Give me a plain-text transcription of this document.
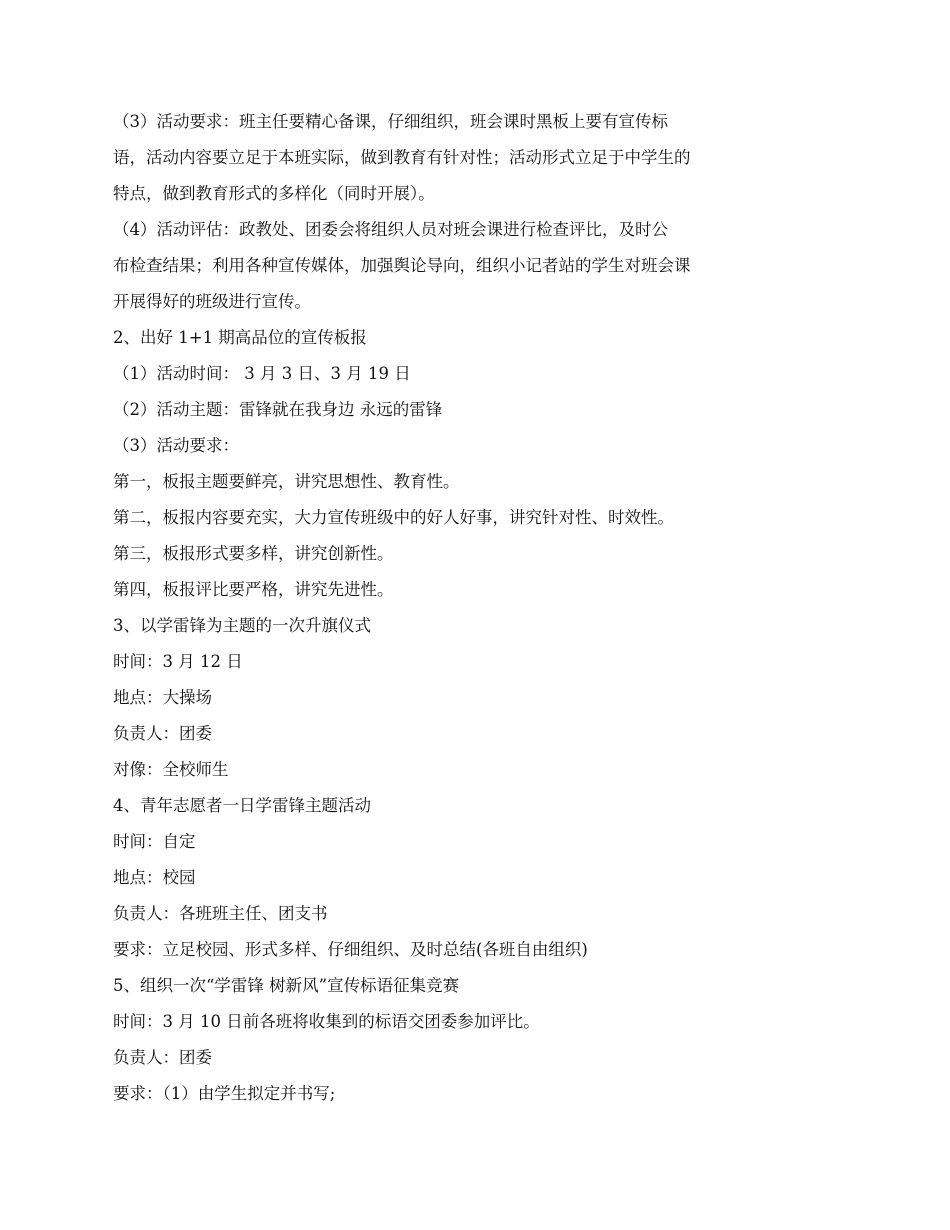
（3）活动要求：班主任要精心备课，仔细组织，班会课时黑板上要有宣传标
语，活动内容要立足于本班实际，做到教育有针对性；活动形式立足于中学生的
特点，做到教育形式的多样化（同时开展）。
（4）活动评估：政教处、团委会将组织人员对班会课进行检查评比，及时公
布检查结果；利用各种宣传媒体，加强舆论导向，组织小记者站的学生对班会课
开展得好的班级进行宣传。
2、出好 1+1 期高品位的宣传板报
（1）活动时间： 3 月 3 日、3 月 19 日
（2）活动主题：雷锋就在我身边 永远的雷锋
（3）活动要求：
第一，板报主题要鲜亮，讲究思想性、教育性。
第二，板报内容要充实，大力宣传班级中的好人好事，讲究针对性、时效性。
第三，板报形式要多样，讲究创新性。
第四，板报评比要严格，讲究先进性。
3、以学雷锋为主题的一次升旗仪式
时间：3 月 12 日
地点：大操场
负责人：团委
对像：全校师生
4、青年志愿者一日学雷锋主题活动
时间：自定
地点：校园
负责人：各班班主任、团支书
要求：立足校园、形式多样、仔细组织、及时总结(各班自由组织)
5、组织一次“学雷锋 树新风”宣传标语征集竞赛
时间：3 月 10 日前各班将收集到的标语交团委参加评比。
负责人：团委
要求：（1）由学生拟定并书写;
